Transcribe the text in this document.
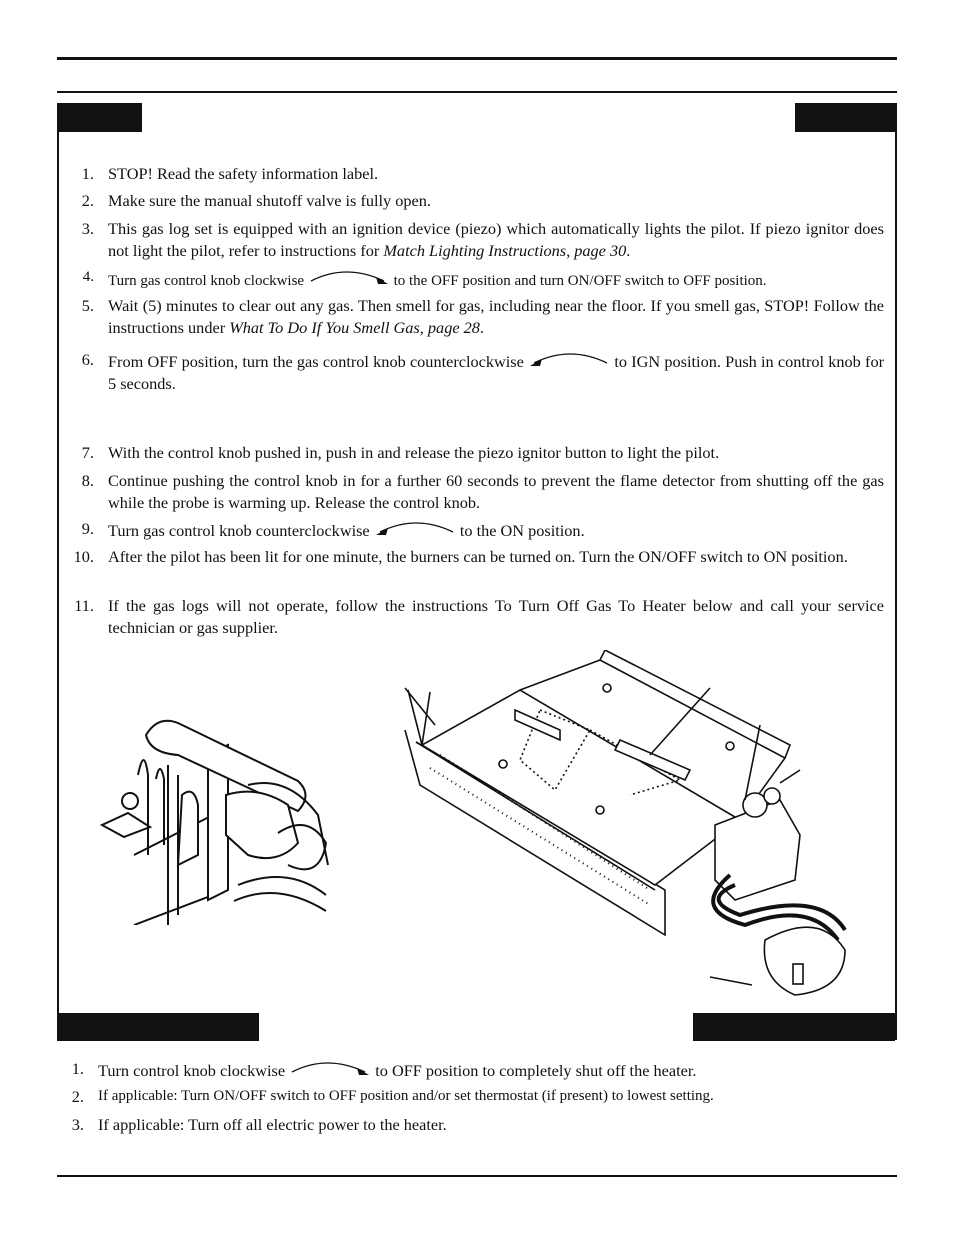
1. STOP! Read the safety information label.
2. Make sure the manual shutoff valve is fully open.
3. This gas log set is equipped with an ignition device (piezo) which automatically lights the pilot. If piezo ignitor does not light the pilot, refer to instructions for Match Lighting Instructions, page 30.
4. Turn gas control knob clockwise	to the OFF position and turn ON/OFF switch to OFF position.
5. Wait (5) minutes to clear out any gas. Then smell for gas, including near the floor. If you smell gas, STOP! Follow the instructions under What To Do If You Smell Gas, page 28.
6. From OFF position, turn the gas control knob counterclockwise	to IGN position. Push in control knob for 5 seconds.
7. With the control knob pushed in, push in and release the piezo ignitor button to light the pilot.
8. Continue pushing the control knob in for a further 60 seconds to prevent the flame detector from shutting off the gas while the probe is warming up. Release the control knob.
9. Turn gas control knob counterclockwise	to the ON position.
10. After the pilot has been lit for one minute, the burners can be turned on. Turn the ON/OFF switch to ON position.
11. If the gas logs will not operate, follow the instructions To Turn Off Gas To Heater below and call your service technician or gas supplier.
1. Turn control knob clockwise	to OFF position to completely shut off the heater.
2. If applicable: Turn ON/OFF switch to OFF position and/or set thermostat (if present) to lowest setting.
3. If applicable: Turn off all electric power to the heater.
